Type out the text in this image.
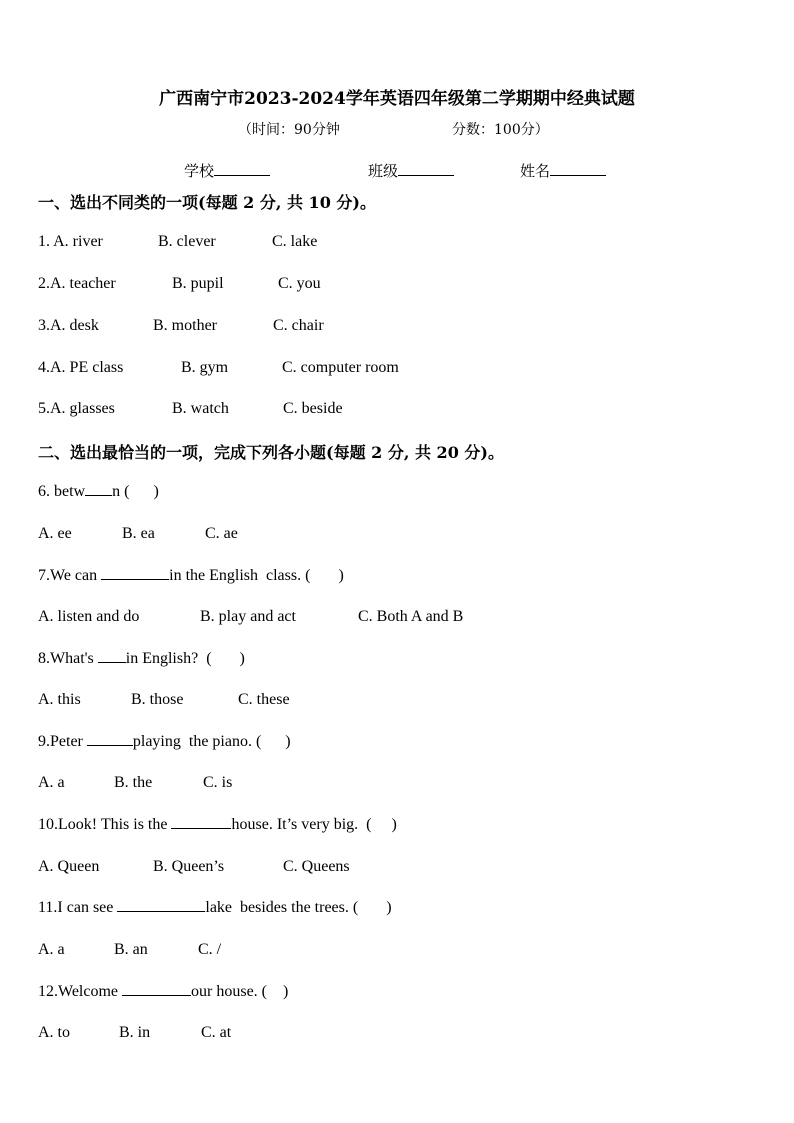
广西南宁市2023-2024学年英语四年级第二学期期中经典试题
（时间：90分钟	分数：100分）
学校	班级	姓名
一、选出不同类的一项(每题 2 分, 共 10 分)。
1. A. river	B. clever	C. lake
2.A. teacher	B. pupil	C. you
3.A. desk	B. mother	C. chair
4.A. PE class	B. gym	C. computer room
5.A. glasses	B. watch	C. beside
二、选出最恰当的一项，完成下列各小题(每题 2 分, 共 20 分)。
6. betw n (      )
A. ee	B. ea	C. ae
7.We can	in the English  class. (       )
A. listen and do	B. play and act	C. Both A and B
8.What's in English?  (       )
A. this	B. those	C. these
9.Peter	playing  the piano. (      )
A. a	B. the	C. is
10.Look! This is the	house. It’s very big.  (     )
A. Queen	B. Queen’s	C. Queens
11.I can see	lake  besides the trees. (       )
A. a	B. an	C. /
12.Welcome	our house. (    )
A. to	B. in	C. at
